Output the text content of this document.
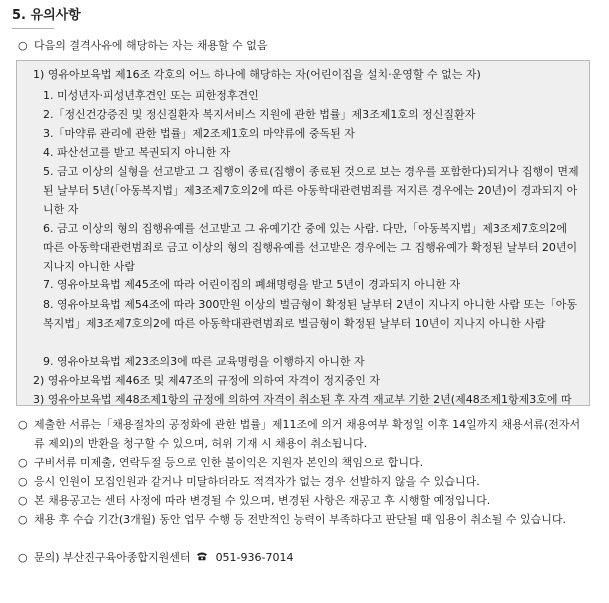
5. 유의사항

○ 다음의 결격사유에 해당하는 자는 채용할 수 없음

1) 영유아보육법 제16조 각호의 어느 하나에 해당하는 자(어린이집을 설치·운영할 수 없는 자)

1. 미성년자·피성년후견인 또는 피한정후견인

2.「정신건강증진 및 정신질환자 복지서비스 지원에 관한 법률」제3조제1호의 정신질환자

3.「마약류 관리에 관한 법률」제2조제1호의 마약류에 중독된 자

4. 파산선고를 받고 복권되지 아니한 자

5. 금고 이상의 실형을 선고받고 그 집행이 종료(집행이 종료된 것으로 보는 경우를 포함한다)되거나 집행이 면제된 날부터 5년(「아동복지법」제3조제7호의2에 따른 아동학대관련범죄를 저지른 경우에는 20년)이 경과되지 아니한 자

6. 금고 이상의 형의 집행유예를 선고받고 그 유예기간 중에 있는 사람. 다만,「아동복지법」제3조제7호의2에 따른 아동학대관련범죄로 금고 이상의 형의 집행유예를 선고받은 경우에는 그 집행유예가 확정된 날부터 20년이 지나지 아니한 사람

7. 영유아보육법 제45조에 따라 어린이집의 폐쇄명령을 받고 5년이 경과되지 아니한 자

8. 영유아보육법 제54조에 따라 300만원 이상의 벌금형이 확정된 날부터 2년이 지나지 아니한 사람 또는「아동복지법」제3조제7호의2에 따른 아동학대관련범죄로 벌금형이 확정된 날부터 10년이 지나지 아니한 사람

9. 영유아보육법 제23조의3에 따른 교육명령을 이행하지 아니한 자

2) 영유아보육법 제46조 및 제47조의 규정에 의하여 자격이 정지중인 자

3) 영유아보육법 제48조제1항의 규정에 의하여 자격이 취소된 후 자격 재교부 기한 2년(제48조제1항제3호에 따

○ 제출한 서류는「채용절차의 공정화에 관한 법률」제11조에 의거 채용여부 확정일 이후 14일까지 채용서류(전자서류 제외)의 반환을 청구할 수 있으며, 허위 기재 시 채용이 취소됩니다.
○ 구비서류 미제출, 연락두절 등으로 인한 불이익은 지원자 본인의 책임으로 합니다.
○ 응시 인원이 모집인원과 같거나 미달하더라도 적격자가 없는 경우 선발하지 않을 수 있습니다.
○ 본 채용공고는 센터 사정에 따라 변경될 수 있으며, 변경된 사항은 재공고 후 시행할 예정입니다.
○ 채용 후 수습 기간(3개월) 동안 업무 수행 등 전반적인 능력이 부족하다고 판단될 때 임용이 취소될 수 있습니다.
○ 문의) 부산진구육아종합지원센터 051-936-7014
